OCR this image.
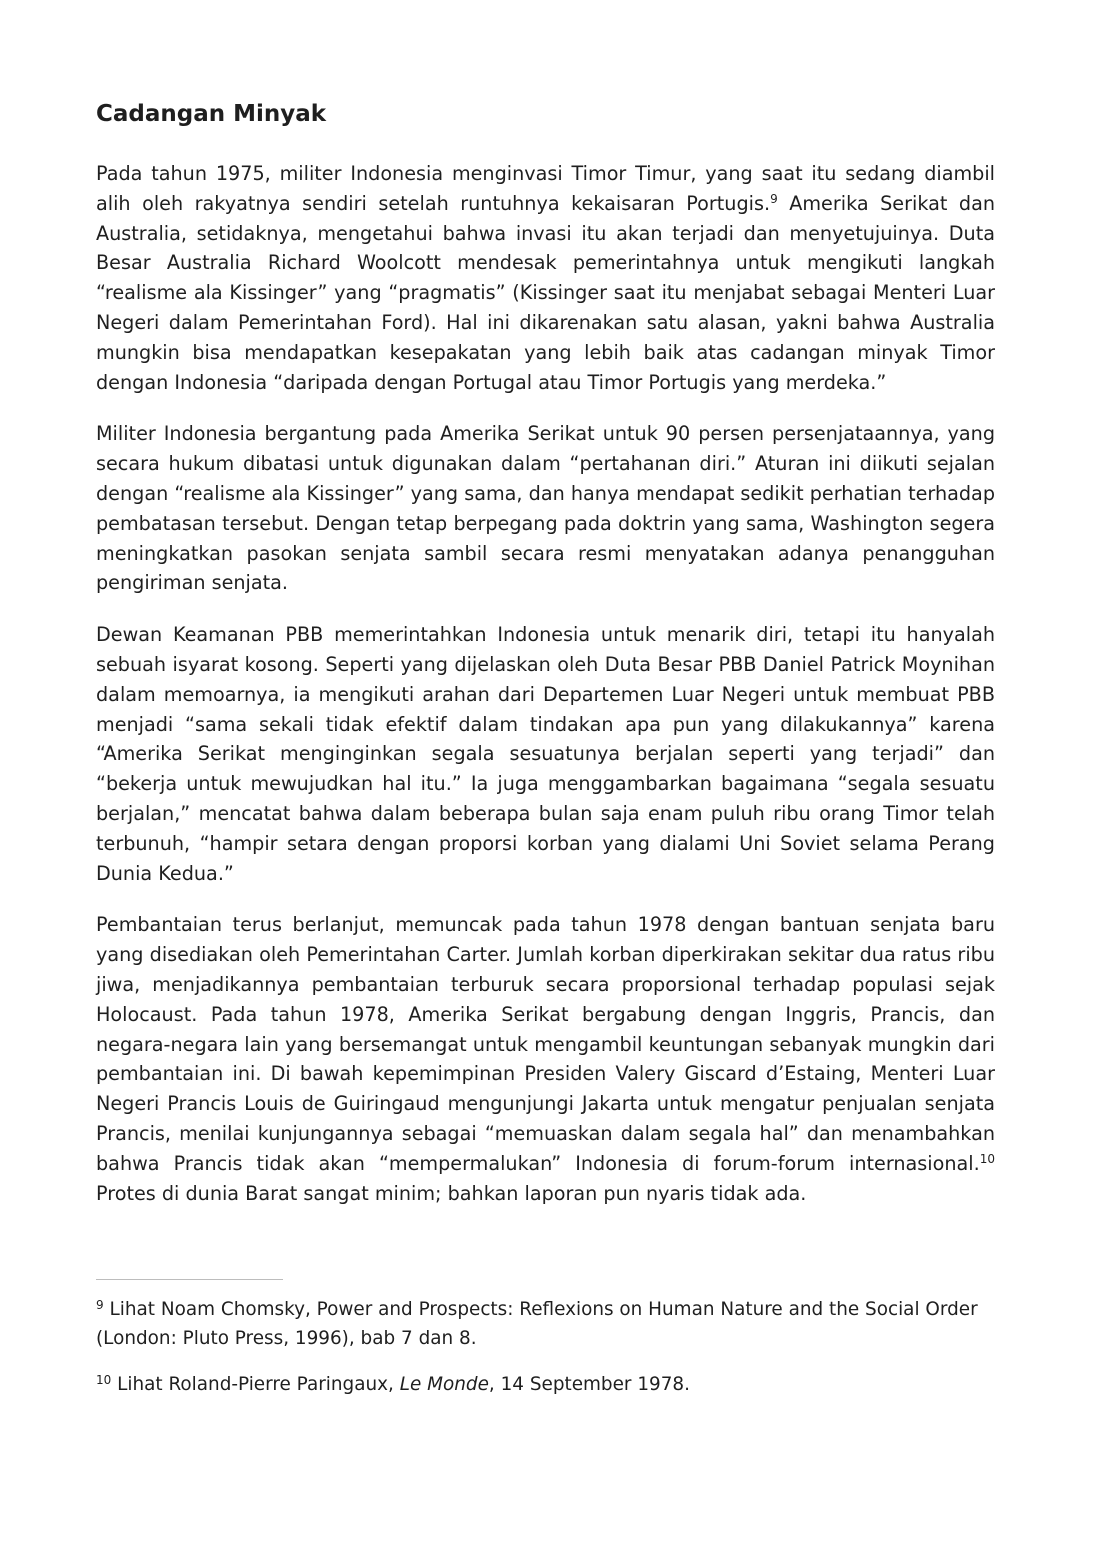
Cadangan Minyak

Pada tahun 1975, militer Indonesia menginvasi Timor Timur, yang saat itu sedang diambil alih oleh rakyatnya sendiri setelah runtuhnya kekaisaran Portugis.$^9$ Amerika Serikat dan Australia, setidaknya, mengetahui bahwa invasi itu akan terjadi dan menyetujuinya. Duta Besar Australia Richard Woolcott mendesak pemerintahnya untuk mengikuti langkah “realisme ala Kissinger” yang “pragmatis” (Kissinger saat itu menjabat sebagai Menteri Luar Negeri dalam Pemerintahan Ford). Hal ini dikarenakan satu alasan, yakni bahwa Australia mungkin bisa mendapatkan kesepakatan yang lebih baik atas cadangan minyak Timor dengan Indonesia “daripada dengan Portugal atau Timor Portugis yang merdeka.”

Militer Indonesia bergantung pada Amerika Serikat untuk 90 persen persenjataannya, yang secara hukum dibatasi untuk digunakan dalam “pertahanan diri.” Aturan ini diikuti sejalan dengan “realisme ala Kissinger” yang sama, dan hanya mendapat sedikit perhatian terhadap pembatasan tersebut. Dengan tetap berpegang pada doktrin yang sama, Washington segera meningkatkan pasokan senjata sambil secara resmi menyatakan adanya penangguhan pengiriman senjata.

Dewan Keamanan PBB memerintahkan Indonesia untuk menarik diri, tetapi itu hanyalah sebuah isyarat kosong. Seperti yang dijelaskan oleh Duta Besar PBB Daniel Patrick Moynihan dalam memoarnya, ia mengikuti arahan dari Departemen Luar Negeri untuk membuat PBB menjadi “sama sekali tidak efektif dalam tindakan apa pun yang dilakukannya” karena “Amerika Serikat menginginkan segala sesuatunya berjalan seperti yang terjadi” dan “bekerja untuk mewujudkan hal itu.” Ia juga menggambarkan bagaimana “segala sesuatu berjalan,” mencatat bahwa dalam beberapa bulan saja enam puluh ribu orang Timor telah terbunuh, “hampir setara dengan proporsi korban yang dialami Uni Soviet selama Perang Dunia Kedua.”

Pembantaian terus berlanjut, memuncak pada tahun 1978 dengan bantuan senjata baru yang disediakan oleh Pemerintahan Carter. Jumlah korban diperkirakan sekitar dua ratus ribu jiwa, menjadikannya pembantaian terburuk secara proporsional terhadap populasi sejak Holocaust. Pada tahun 1978, Amerika Serikat bergabung dengan Inggris, Prancis, dan negara-negara lain yang bersemangat untuk mengambil keuntungan sebanyak mungkin dari pembantaian ini. Di bawah kepemimpinan Presiden Valery Giscard d’Estaing, Menteri Luar Negeri Prancis Louis de Guiringaud mengunjungi Jakarta untuk mengatur penjualan senjata Prancis, menilai kunjungannya sebagai “memuaskan dalam segala hal” dan menambahkan bahwa Prancis tidak akan “mempermalukan” Indonesia di forum-forum internasional.$^{10}$ Protes di dunia Barat sangat minim; bahkan laporan pun nyaris tidak ada.

$^9$ Lihat Noam Chomsky, Power and Prospects: Reflexions on Human Nature and the Social Order (London: Pluto Press, 1996), bab 7 dan 8.

$^{10}$ Lihat Roland-Pierre Paringaux, Le Monde, 14 September 1978.
